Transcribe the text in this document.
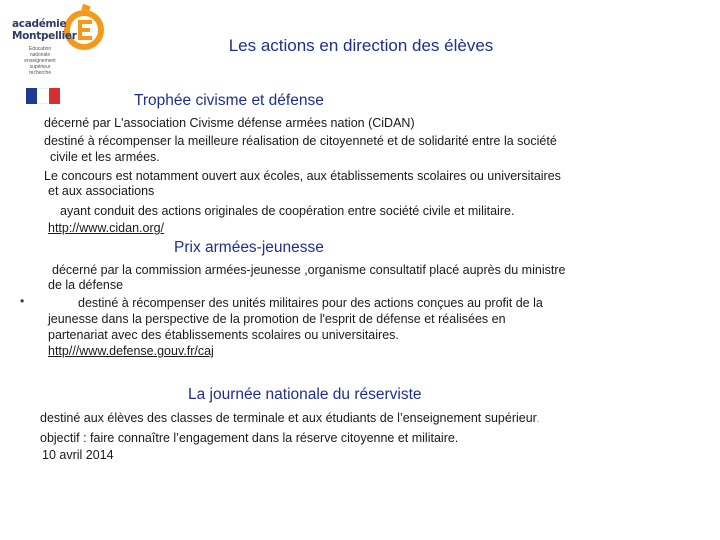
académie
Montpellier
Education
nationale
enseignement
supérieur
recherche
Les actions en direction des élèves
Trophée civisme et défense
décerné par L'association Civisme défense armées nation (CiDAN)
destiné à récompenser la meilleure réalisation de citoyenneté et de solidarité entre la société
civile et les armées.
Le concours est notamment ouvert aux écoles, aux établissements scolaires ou universitaires
et aux associations
ayant conduit des actions originales de coopération entre société civile et militaire.
http://www.cidan.org/
Prix armées-jeunesse
décerné par la commission armées-jeunesse ,organisme consultatif placé auprès du ministre
de la défense
•	destiné à récompenser des unités militaires pour des actions conçues au profit de la
jeunesse dans la perspective de la promotion de l'esprit de défense et réalisées en
partenariat avec des établissements scolaires ou universitaires.
http///www.defense.gouv.fr/caj
La journée nationale du réserviste
destiné aux élèves des classes de terminale et aux étudiants de l’enseignement supérieur.
objectif : faire connaître l’engagement dans la réserve citoyenne et militaire.
10 avril 2014
